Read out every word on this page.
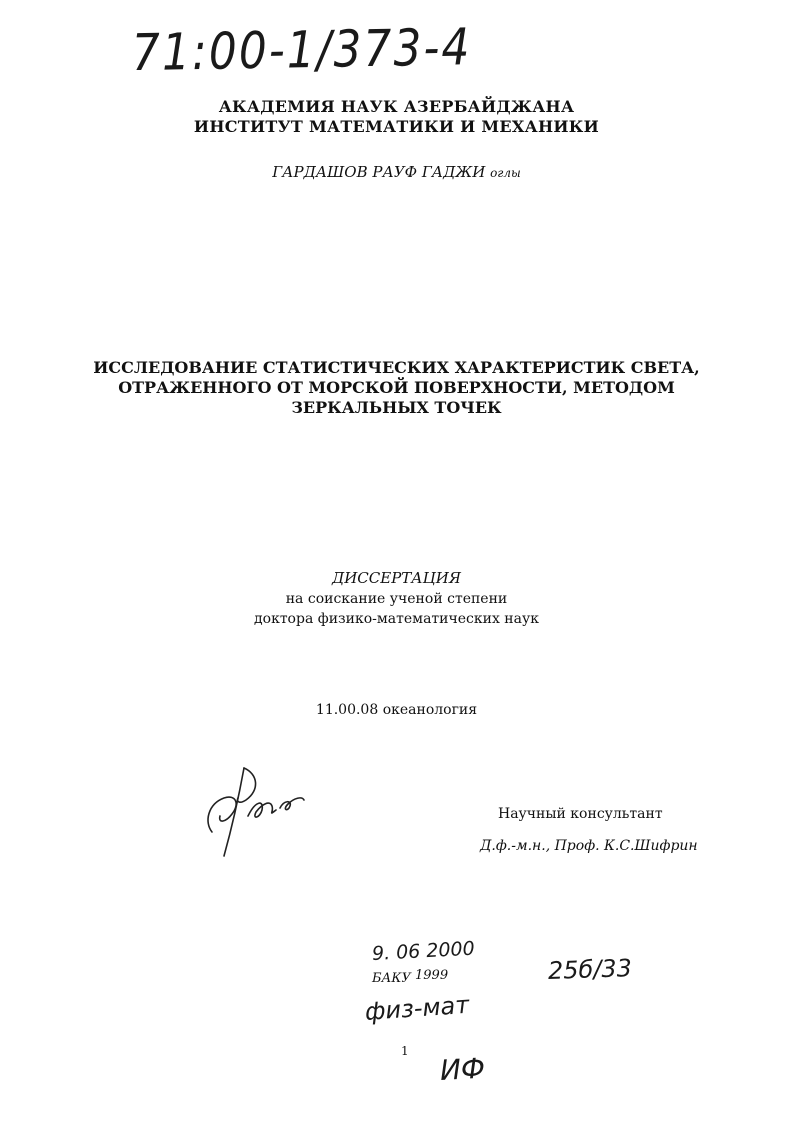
71:00-1/373-4
АКАДЕМИЯ НАУК АЗЕРБАЙДЖАНА
ИНСТИТУТ МАТЕМАТИКИ И МЕХАНИКИ
ГАРДАШОВ РАУФ ГАДЖИ оглы
ИССЛЕДОВАНИЕ СТАТИСТИЧЕСКИХ ХАРАКТЕРИСТИК СВЕТА,
ОТРАЖЕННОГО ОТ МОРСКОЙ ПОВЕРХНОСТИ, МЕТОДОМ
ЗЕРКАЛЬНЫХ ТОЧЕК
ДИССЕРТАЦИЯ
на соискание ученой степени
доктора физико-математических наук
11.00.08 океанология
Научный консультант
Д.ф.-м.н., Проф. К.С.Шифрин
9. 06 2000
БАКУ 1999	25б/33
физ-мат
1
ИФ
